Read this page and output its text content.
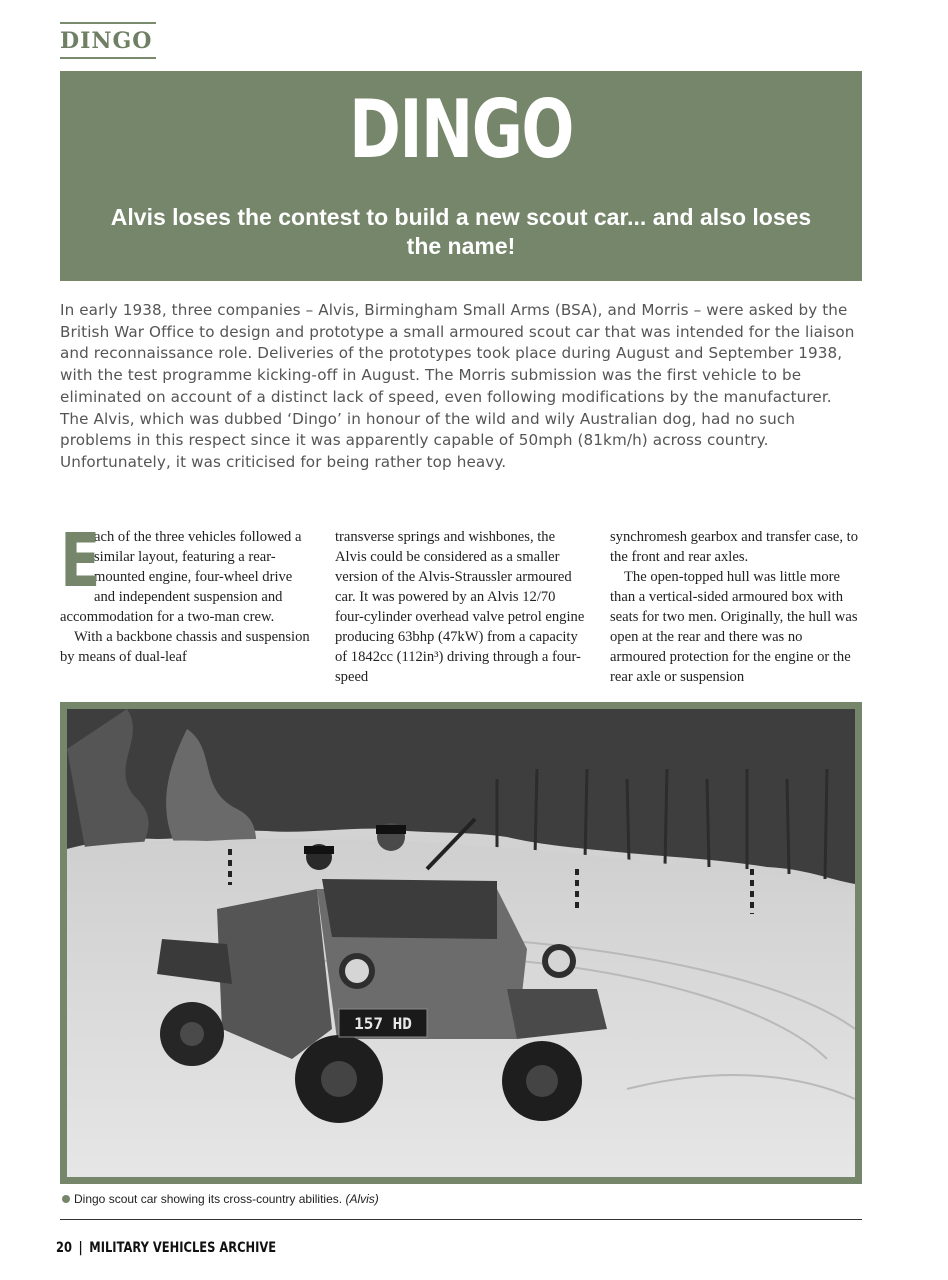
DINGO
DINGO
Alvis loses the contest to build a new scout car... and also loses the name!

In early 1938, three companies – Alvis, Birmingham Small Arms (BSA), and Morris – were asked by the British War Office to design and prototype a small armoured scout car that was intended for the liaison and reconnaissance role. Deliveries of the prototypes took place during August and September 1938, with the test programme kicking-off in August. The Morris submission was the first vehicle to be eliminated on account of a distinct lack of speed, even following modifications by the manufacturer. The Alvis, which was dubbed ‘Dingo’ in honour of the wild and wily Australian dog, had no such problems in this respect since it was apparently capable of 50mph (81km/h) across country. Unfortunately, it was criticised for being rather top heavy.

E
ach of the three vehicles followed a similar layout, featuring a rear-mounted engine, four-wheel drive and independent suspension and accommodation for a two-man crew.

With a backbone chassis and suspension by means of dual-leaf

transverse springs and wishbones, the Alvis could be considered as a smaller version of the Alvis-Straussler armoured car. It was powered by an Alvis 12/70 four-cylinder overhead valve petrol engine producing 63bhp (47kW) from a capacity of 1842cc (112in³) driving through a four-speed

synchromesh gearbox and transfer case, to the front and rear axles.

The open-topped hull was little more than a vertical-sided armoured box with seats for two men. Originally, the hull was open at the rear and there was no armoured protection for the engine or the rear axle or suspension

157 HD
Dingo scout car showing its cross-country abilities. (Alvis)
20 | MILITARY VEHICLES ARCHIVE
